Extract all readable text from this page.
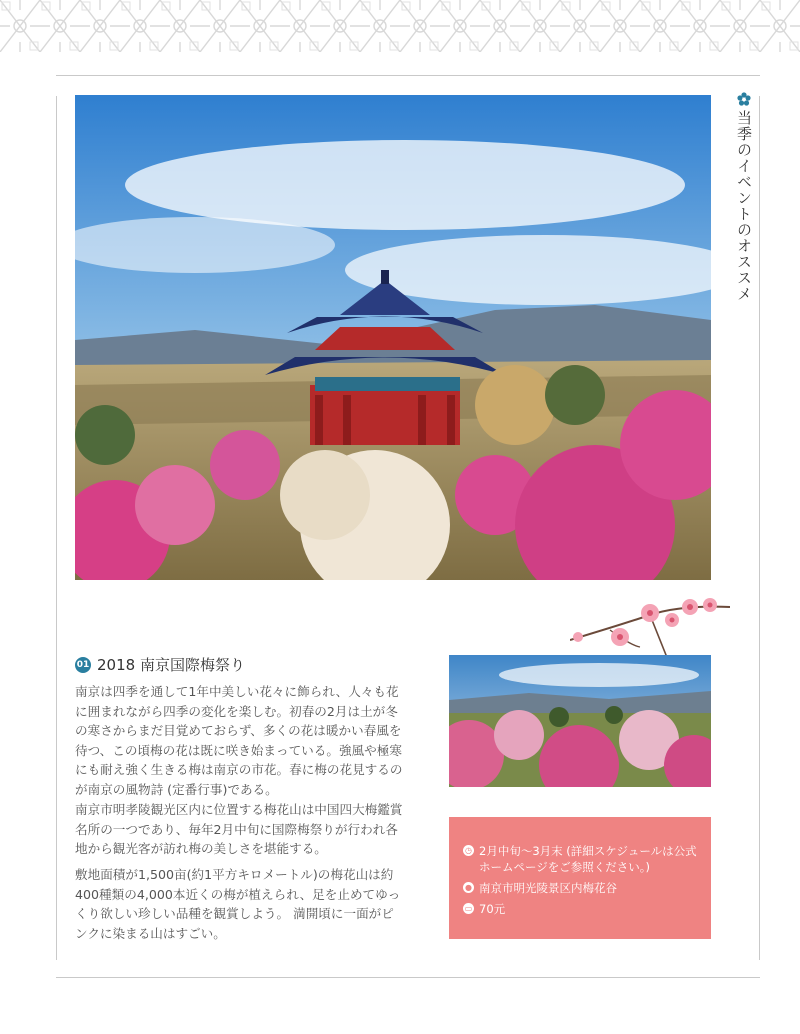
当季のイベントのオススメ
01 2018 南京国際梅祭り

南京は四季を通して1年中美しい花々に飾られ、人々も花に囲まれながら四季の変化を楽しむ。初春の2月は土が冬の寒さからまだ目覚めておらず、多くの花は暖かい春風を待つ、この頃梅の花は既に咲き始まっている。強風や極寒にも耐え強く生きる梅は南京の市花。春に梅の花見するのが南京の風物詩 (定番行事)である。

南京市明孝陵観光区内に位置する梅花山は中国四大梅鑑賞名所の一つであり、毎年2月中旬に国際梅祭りが行われ各地から観光客が訪れ梅の美しさを堪能する。

敷地面積が1,500亩(約1平方キロメートル)の梅花山は約400種類の4,000本近くの梅が植えられ、足を止めてゆっくり欲しい珍しい品種を観賞しよう。 満開頃に一面がピンクに染まる山はすごい。

◷ 2月中旬～3月末 (詳細スケジュールは公式ホームページをご参照ください。)
● 南京市明光陵景区内梅花谷
▭ 70元
